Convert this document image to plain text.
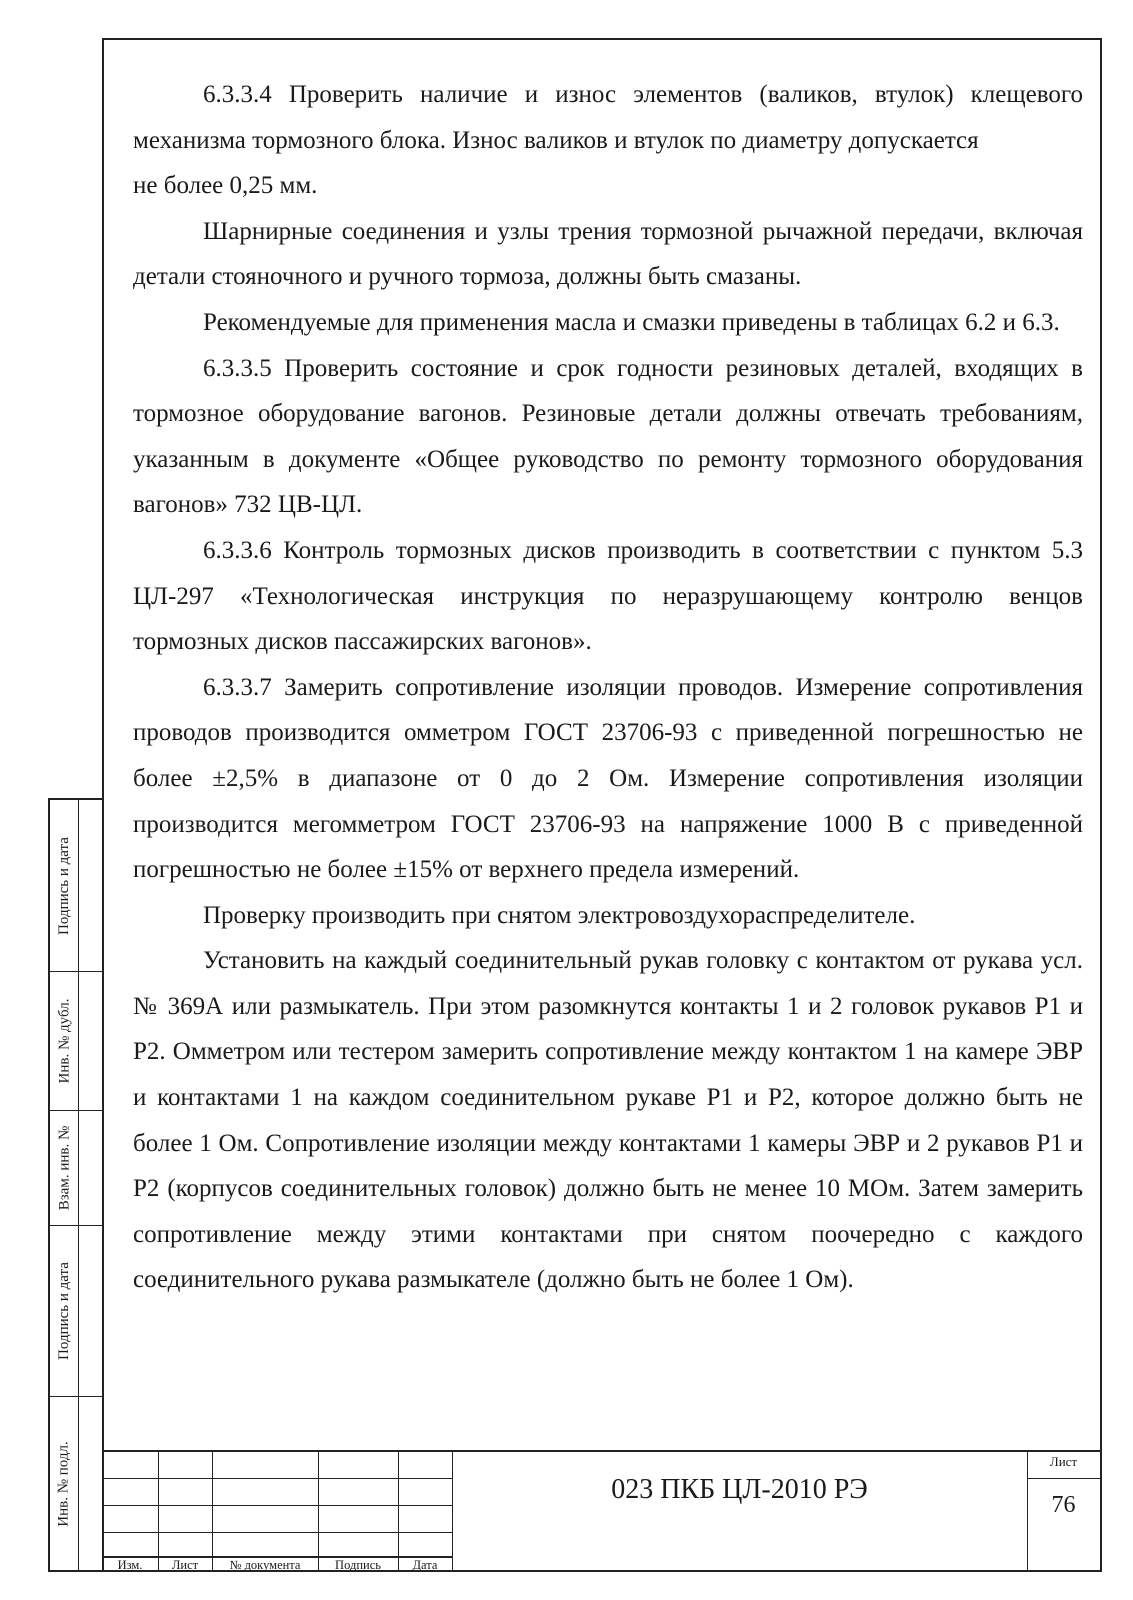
6.3.3.4 Проверить наличие и износ элементов (валиков, втулок) клещевого механизма тормозного блока. Износ валиков и втулок по диаметру допускается

не более 0,25 мм.

Шарнирные соединения и узлы трения тормозной рычажной передачи, включая детали стояночного и ручного тормоза, должны быть смазаны.

Рекомендуемые для применения масла и смазки приведены в таблицах 6.2 и 6.3.

6.3.3.5 Проверить состояние и срок годности резиновых деталей, входящих в тормозное оборудование вагонов. Резиновые детали должны отвечать требованиям, указанным в документе «Общее руководство по ремонту тормозного оборудования вагонов» 732 ЦВ-ЦЛ.

6.3.3.6 Контроль тормозных дисков производить в соответствии с пунктом 5.3 ЦЛ-297 «Технологическая инструкция по неразрушающему контролю венцов тормозных дисков пассажирских вагонов».

6.3.3.7 Замерить сопротивление изоляции проводов. Измерение сопротивления проводов производится омметром ГОСТ 23706-93 с приведенной погрешностью не более ±2,5% в диапазоне от 0 до 2 Ом. Измерение сопротивления изоляции производится мегомметром ГОСТ 23706-93 на напряжение 1000 В с приведенной погрешностью не более ±15% от верхнего предела измерений.

Проверку производить при снятом электровоздухораспределителе.

Установить на каждый соединительный рукав головку с контактом от рукава усл. № 369А или размыкатель. При этом разомкнутся контакты 1 и 2 головок рукавов Р1 и Р2. Омметром или тестером замерить сопротивление между контактом 1 на камере ЭВР и контактами 1 на каждом соединительном рукаве Р1 и Р2, которое должно быть не более 1 Ом. Сопротивление изоляции между контактами 1 камеры ЭВР и 2 рукавов Р1 и Р2 (корпусов соединительных головок) должно быть не менее 10 МОм. Затем замерить сопротивление между этими контактами при снятом поочередно с каждого соединительного рукава размыкателе (должно быть не более 1 Ом).

Подпись и дата
Инв. № дубл.
Взам. инв. №
Подпись и дата
Инв. № подл.
Изм.	Лист	№ документа	Подпись	Дата
023 ПКБ ЦЛ-2010 РЭ
Лист
76
